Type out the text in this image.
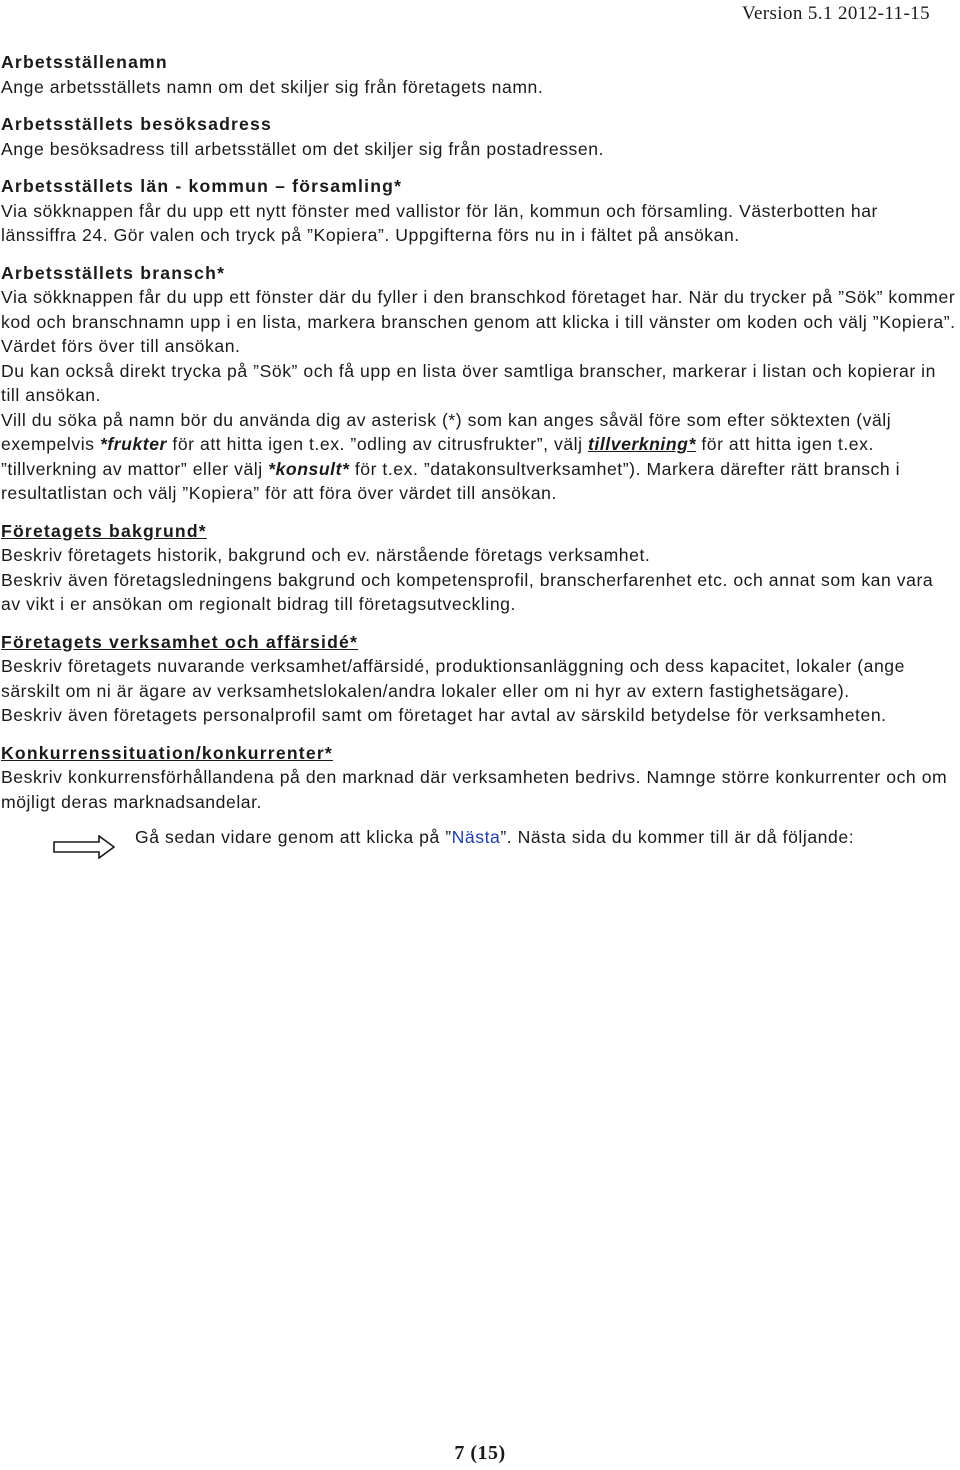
Version 5.1 2012-11-15
Arbetsställenamn

Ange arbetsställets namn om det skiljer sig från företagets namn.

Arbetsställets besöksadress

Ange besöksadress till arbetsstället om det skiljer sig från postadressen.

Arbetsställets län - kommun – församling*

Via sökknappen får du upp ett nytt fönster med vallistor för län, kommun och församling. Västerbotten har länssiffra 24. Gör valen och tryck på ”Kopiera”. Uppgifterna förs nu in i fältet på ansökan.

Arbetsställets bransch*

Via sökknappen får du upp ett fönster där du fyller i den branschkod företaget har. När du trycker på ”Sök” kommer kod och branschnamn upp i en lista, markera branschen genom att klicka i till vänster om koden och välj ”Kopiera”. Värdet förs över till ansökan.

Du kan också direkt trycka på ”Sök” och få upp en lista över samtliga branscher, markerar i listan och kopierar in till ansökan.

Vill du söka på namn bör du använda dig av asterisk (*) som kan anges såväl före som efter söktexten (välj exempelvis *frukter för att hitta igen t.ex. ”odling av citrusfrukter”, välj tillverkning* för att hitta igen t.ex. ”tillverkning av mattor” eller välj *konsult* för t.ex. ”datakonsultverksamhet”). Markera därefter rätt bransch i resultatlistan och välj ”Kopiera” för att föra över värdet till ansökan.

Företagets bakgrund*

Beskriv företagets historik, bakgrund och ev. närstående företags verksamhet.

Beskriv även företagsledningens bakgrund och kompetensprofil, branscherfarenhet etc. och annat som kan vara av vikt i er ansökan om regionalt bidrag till företagsutveckling.

Företagets verksamhet och affärsidé*

Beskriv företagets nuvarande verksamhet/affärsidé, produktionsanläggning och dess kapacitet, lokaler (ange särskilt om ni är ägare av verksamhetslokalen/andra lokaler eller om ni hyr av extern fastighetsägare).

Beskriv även företagets personalprofil samt om företaget har avtal av särskild betydelse för verksamheten.

Konkurrenssituation/konkurrenter*

Beskriv konkurrensförhållandena på den marknad där verksamheten bedrivs. Namnge större konkurrenter och om möjligt deras marknadsandelar.

Gå sedan vidare genom att klicka på ”Nästa”. Nästa sida du kommer till är då följande:
7 (15)
